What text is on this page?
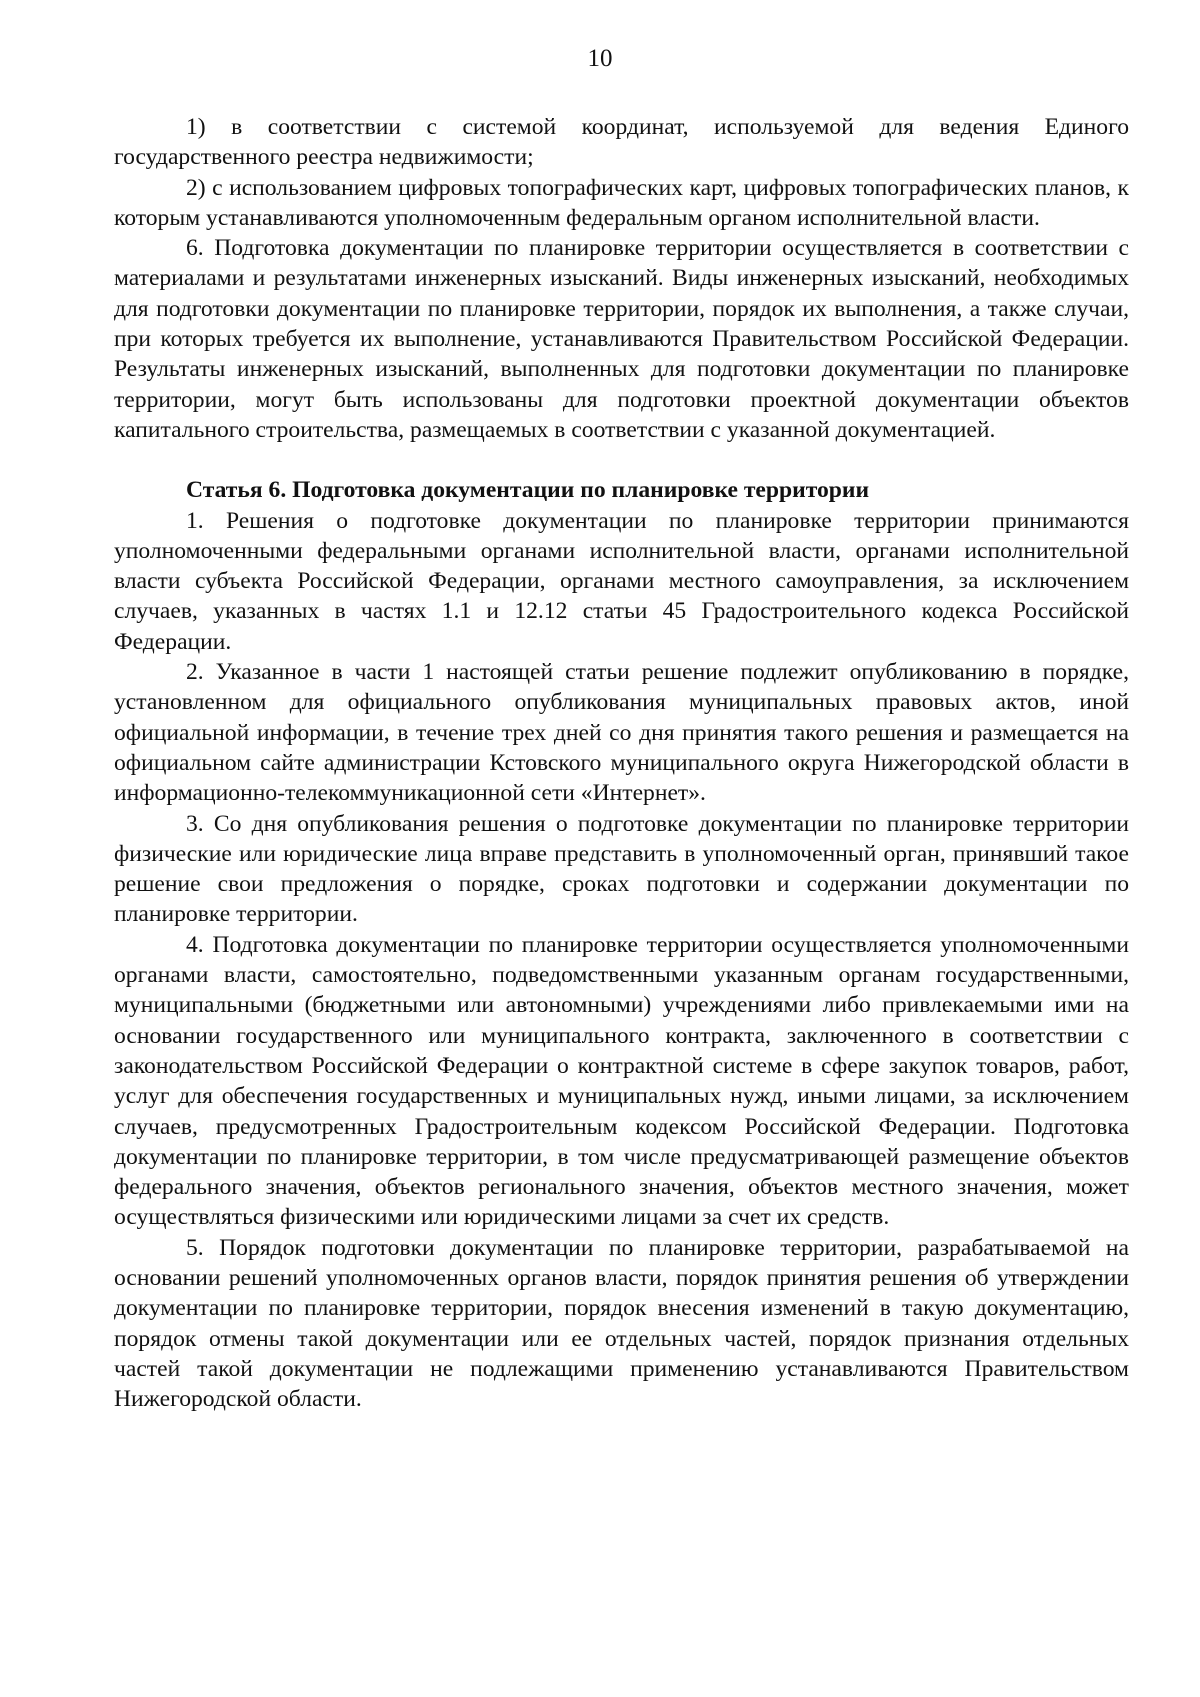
10

1) в соответствии с системой координат, используемой для ведения Единого государственного реестра недвижимости;

2) с использованием цифровых топографических карт, цифровых топографических планов, к которым устанавливаются уполномоченным федеральным органом исполнительной власти.

6. Подготовка документации по планировке территории осуществляется в соответствии с материалами и результатами инженерных изысканий. Виды инженерных изысканий, необходимых для подготовки документации по планировке территории, порядок их выполнения, а также случаи, при которых требуется их выполнение, устанавливаются Правительством Российской Федерации. Результаты инженерных изысканий, выполненных для подготовки документации по планировке территории, могут быть использованы для подготовки проектной документации объектов капитального строительства, размещаемых в соответствии с указанной документацией.

Статья 6. Подготовка документации по планировке территории

1. Решения о подготовке документации по планировке территории принимаются уполномоченными федеральными органами исполнительной власти, органами исполнительной власти субъекта Российской Федерации, органами местного самоуправления, за исключением случаев, указанных в частях 1.1 и 12.12 статьи 45 Градостроительного кодекса Российской Федерации.

2. Указанное в части 1 настоящей статьи решение подлежит опубликованию в порядке, установленном для официального опубликования муниципальных правовых актов, иной официальной информации, в течение трех дней со дня принятия такого решения и размещается на официальном сайте администрации Кстовского муниципального округа Нижегородской области в информационно-телекоммуникационной сети «Интернет».

3. Со дня опубликования решения о подготовке документации по планировке территории физические или юридические лица вправе представить в уполномоченный орган, принявший такое решение свои предложения о порядке, сроках подготовки и содержании документации по планировке территории.

4. Подготовка документации по планировке территории осуществляется уполномоченными органами власти, самостоятельно, подведомственными указанным органам государственными, муниципальными (бюджетными или автономными) учреждениями либо привлекаемыми ими на основании государственного или муниципального контракта, заключенного в соответствии с законодательством Российской Федерации о контрактной системе в сфере закупок товаров, работ, услуг для обеспечения государственных и муниципальных нужд, иными лицами, за исключением случаев, предусмотренных Градостроительным кодексом Российской Федерации. Подготовка документации по планировке территории, в том числе предусматривающей размещение объектов федерального значения, объектов регионального значения, объектов местного значения, может осуществляться физическими или юридическими лицами за счет их средств.

5. Порядок подготовки документации по планировке территории, разрабатываемой на основании решений уполномоченных органов власти, порядок принятия решения об утверждении документации по планировке территории, порядок внесения изменений в такую документацию, порядок отмены такой документации или ее отдельных частей, порядок признания отдельных частей такой документации не подлежащими применению устанавливаются Правительством Нижегородской области.
